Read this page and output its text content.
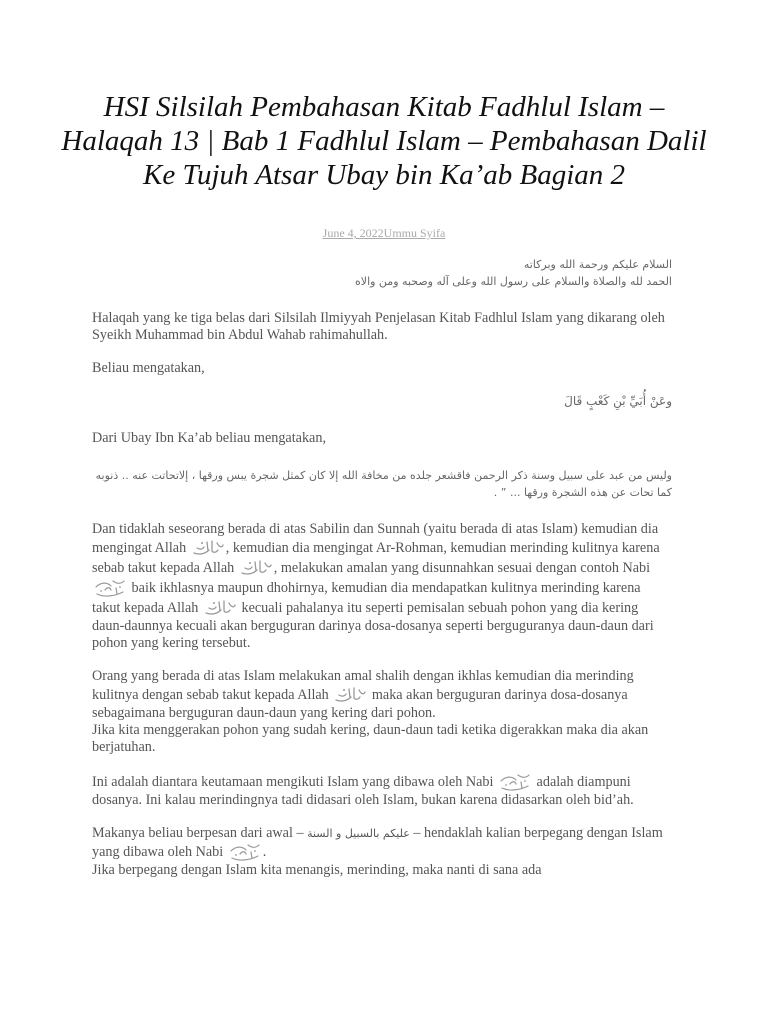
HSI Silsilah Pembahasan Kitab Fadhlul Islam – Halaqah 13 | Bab 1 Fadhlul Islam – Pembahasan Dalil Ke Tujuh Atsar Ubay bin Ka’ab Bagian 2
June 4, 2022Ummu Syifa

السلام عليكم ورحمة الله وبركاته

الحمد لله والصلاة والسلام على رسول الله وعلى آله وصحبه ومن والاه

Halaqah yang ke tiga belas dari Silsilah Ilmiyyah Penjelasan Kitab Fadhlul Islam yang dikarang oleh Syeikh Muhammad bin Abdul Wahab rahimahullah.

Beliau mengatakan,

وعَنْ أُبَيِّ بْنِ كَعْبٍ قَالَ

Dari Ubay Ibn Ka’ab beliau mengatakan,

وليس من عبد على سبيل وسنة ذكر الرحمن فاقشعر جلده من مخافة الله إلا كان كمثل شجرة يبس ورقها ، إلاتحاتت عنه .. ذنوبه كما تحات عن هذه الشجرة ورقها ... ” .

Dan tidaklah seseorang berada di atas Sabilin dan Sunnah (yaitu berada di atas Islam) kemudian dia mengingat Allah	, kemudian dia mengingat Ar-Rohman, kemudian merinding kulitnya karena sebab takut kepada Allah	, melakukan amalan yang disunnahkan sesuai dengan contoh Nabi
baik ikhlasnya maupun dhohirnya, kemudian dia mendapatkan kulitnya merinding karena takut kepada Allah	kecuali pahalanya itu seperti pemisalan sebuah pohon yang dia kering daun-daunnya kecuali akan berguguran darinya dosa-dosanya seperti berguguranya daun-daun dari pohon yang kering tersebut.

Orang yang berada di atas Islam melakukan amal shalih dengan ikhlas kemudian dia merinding kulitnya dengan sebab takut kepada Allah	maka akan berguguran darinya dosa-dosanya sebagaimana berguguran daun-daun yang kering dari pohon.
Jika kita menggerakan pohon yang sudah kering, daun-daun tadi ketika digerakkan maka dia akan berjatuhan.

Ini adalah diantara keutamaan mengikuti Islam yang dibawa oleh Nabi	adalah diampuni dosanya. Ini kalau merindingnya tadi didasari oleh Islam, bukan karena didasarkan oleh bid’ah.

Makanya beliau berpesan dari awal – عليكم بالسبيل و السنة – hendaklah kalian berpegang dengan Islam yang dibawa oleh Nabi	.
Jika berpegang dengan Islam kita menangis, merinding, maka nanti di sana ada
